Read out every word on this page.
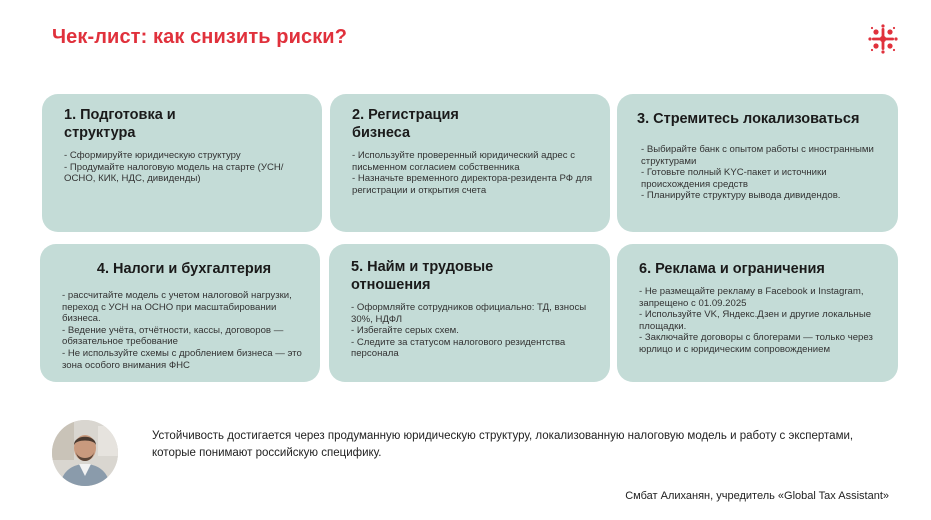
Чек-лист: как снизить риски?
1. Подготовка и структура
- Сформируйте юридическую структуру
- Продумайте налоговую модель на старте (УСН/ОСНО, КИК, НДС, дивиденды)
2. Регистрация бизнеса
- Используйте проверенный юридический адрес с письменном согласием собственника
- Назначьте временного директора-резидента РФ для регистрации и открытия счета
3. Стремитесь локализоваться
- Выбирайте банк с опытом работы с иностранными структурами
- Готовьте полный KYC-пакет и источники происхождения средств
- Планируйте структуру вывода дивидендов.
4. Налоги и бухгалтерия
- рассчитайте модель с учетом налоговой нагрузки, переход с УСН на ОСНО при масштабировании бизнеса.
- Ведение учёта, отчётности, кассы, договоров — обязательное требование
- Не используйте схемы с дроблением бизнеса — это зона особого внимания ФНС
5. Найм и трудовые отношения
- Оформляйте сотрудников официально: ТД, взносы 30%, НДФЛ
- Избегайте серых схем.
- Следите за статусом налогового резидентства персонала
6. Реклама и ограничения
- Не размещайте рекламу в Facebook и Instagram, запрещено с 01.09.2025
- Используйте VK, Яндекс.Дзен и другие локальные площадки.
- Заключайте договоры с блогерами — только через юрлицо и с юридическим сопровождением
Устойчивость достигается через продуманную юридическую структуру, локализованную налоговую модель и работу с экспертами, которые понимают российскую специфику.
Смбат Алиханян, учредитель «Global Tax Assistant»
